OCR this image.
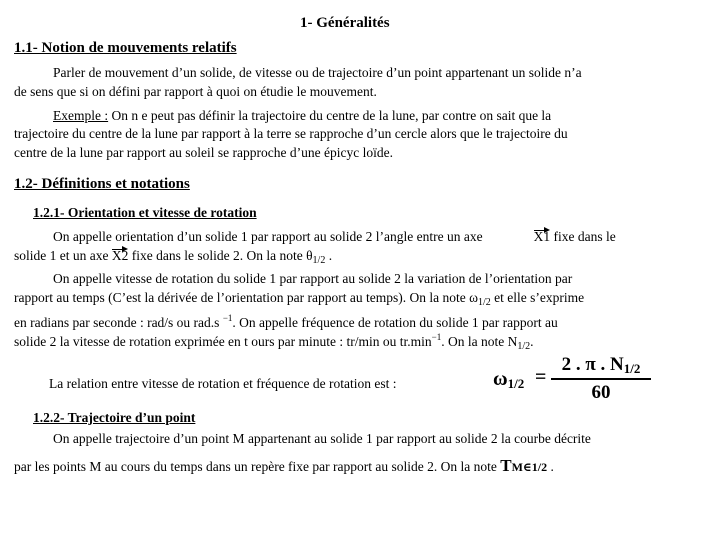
1- Généralités
1.1- Notion de mouvements relatifs
Parler de mouvement d’un solide, de vitesse ou de trajectoire d’un point appartenant un solide n’a
de sens que si on défini par rapport à quoi on étudie le mouvement.
Exemple : On n e peut pas définir la trajectoire du centre de la lune, par contre on sait que la
trajectoire du centre de la lune par rapport à la terre se rapproche d’un cercle alors que le trajectoire du
centre de la lune par rapport au soleil se rapproche d’une épicyc loïde.
1.2- Définitions et notations
1.2.1- Orientation et vitesse de rotation
On appelle orientation d’un solide 1 par rapport au solide 2 l’angle entre un axe	X1 fixe dans le
solide 1 et un axe X2 fixe dans le solide 2. On la note $\theta_{1/2}$ .
On appelle vitesse de rotation du solide 1 par rapport au solide 2 la variation de l’orientation par
rapport au temps (C’est la dérivée de l’orientation par rapport au temps). On la note $\omega_{1/2}$ et elle s’exprime
en radians par seconde : rad/s ou rad.s $^{-1}$. On appelle fréquence de rotation du solide 1 par rapport au
solide 2 la vitesse de rotation exprimée en t ours par minute : tr/min ou $tr.\min^{-1}$. On la note $N_{1/2}$.
La relation entre vitesse de rotation et fréquence de rotation est :	ω1/2 =
2 . π . N1/2
60
1.2.2- Trajectoire d’un point
On appelle trajectoire d’un point M appartenant au solide 1 par rapport au solide 2 la courbe décrite
par les points M au cours du temps dans un repère fixe par rapport au solide 2. On la note TM∈1/2 .
